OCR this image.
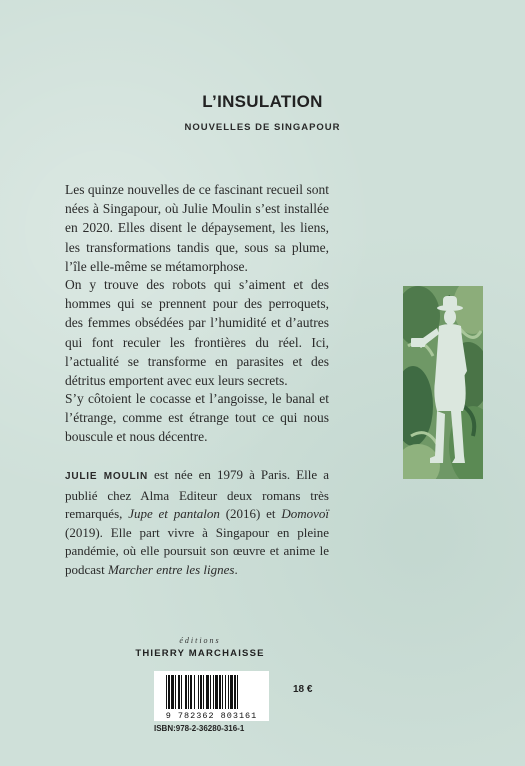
L’INSULATION
NOUVELLES DE SINGAPOUR

Les quinze nouvelles de ce fascinant recueil sont nées à Singapour, où Julie Moulin s’est installée en 2020. Elles disent le dépaysement, les liens, les transformations tandis que, sous sa plume, l’île elle-même se métamorphose.

On y trouve des robots qui s’aiment et des hommes qui se prennent pour des perroquets, des femmes obsédées par l’humidité et d’autres qui font reculer les frontières du réel. Ici, l’actualité se transforme en parasites et des détritus emportent avec eux leurs secrets.

S’y côtoient le cocasse et l’angoisse, le banal et l’étrange, comme est étrange tout ce qui nous bouscule et nous décentre.

JULIE MOULIN est née en 1979 à Paris. Elle a publié chez Alma Editeur deux romans très remarqués, Jupe et pantalon (2016) et Domovoï (2019). Elle part vivre à Singapour en pleine pandémie, où elle poursuit son œuvre et anime le podcast Marcher entre les lignes.

éditions
THIERRY MARCHAISSE
9 782362 803161
ISBN:978-2-36280-316-1
18 €
